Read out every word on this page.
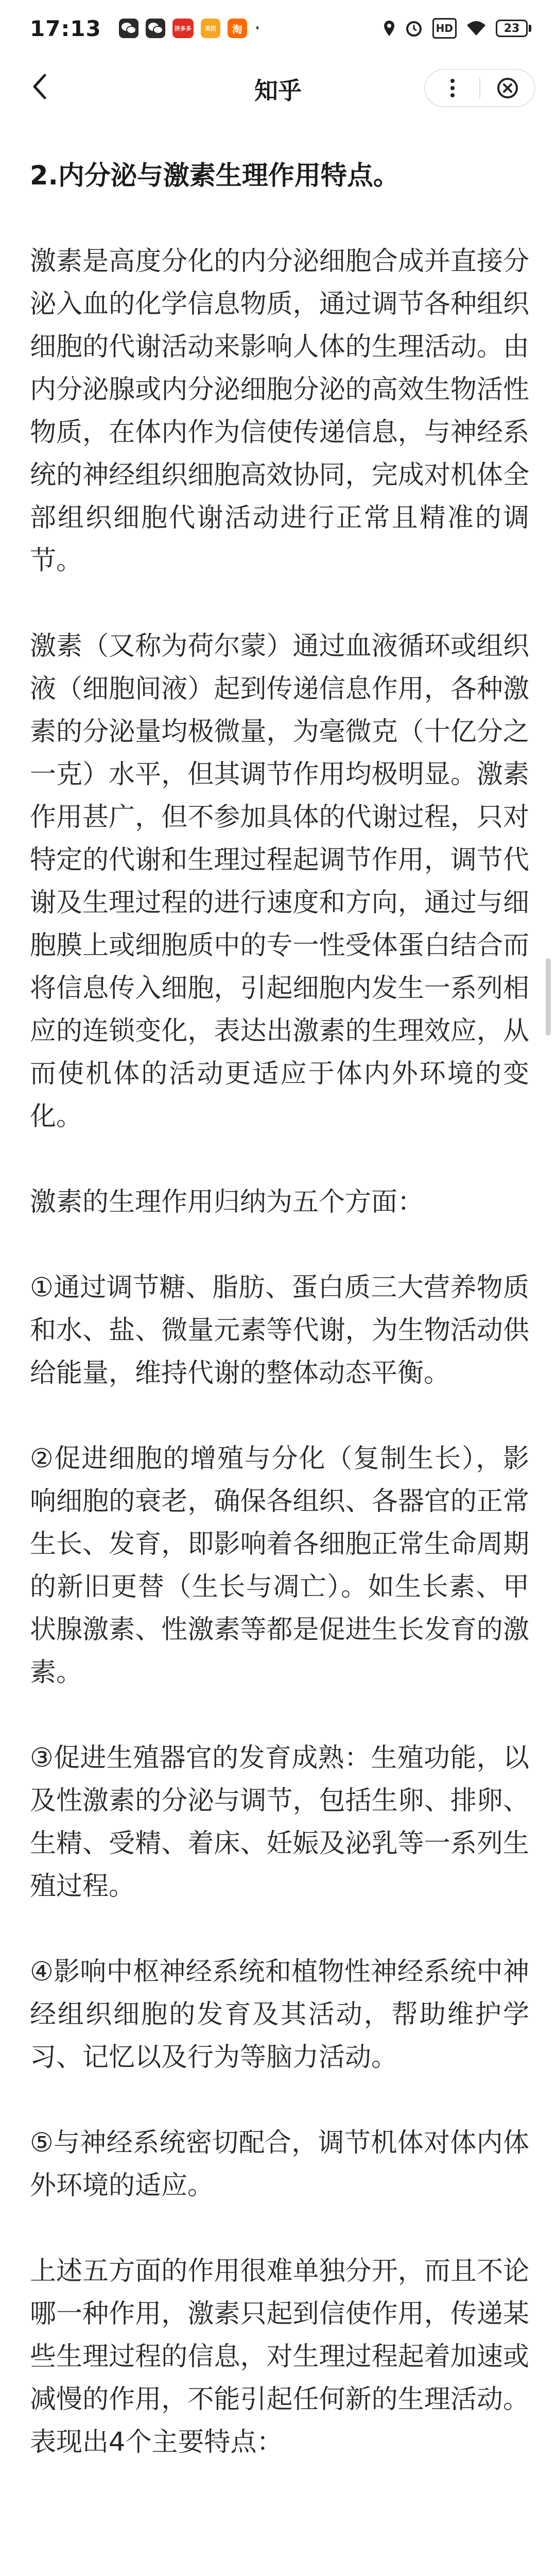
17:13	拼多多	美团	淘 ·	HD	23
知乎
2.内分泌与激素生理作用特点。

激素是高度分化的内分泌细胞合成并直接分泌入血的化学信息物质，通过调节各种组织细胞的代谢活动来影响人体的生理活动。由内分泌腺或内分泌细胞分泌的高效生物活性物质，在体内作为信使传递信息，与神经系统的神经组织细胞高效协同，完成对机体全部组织细胞代谢活动进行正常且精准的调节。

激素（又称为荷尔蒙）通过血液循环或组织液（细胞间液）起到传递信息作用，各种激素的分泌量均极微量，为毫微克（十亿分之一克）水平，但其调节作用均极明显。激素作用甚广，但不参加具体的代谢过程，只对特定的代谢和生理过程起调节作用，调节代谢及生理过程的进行速度和方向，通过与细胞膜上或细胞质中的专一性受体蛋白结合而将信息传入细胞，引起细胞内发生一系列相应的连锁变化，表达出激素的生理效应，从而使机体的活动更适应于体内外环境的变化。

激素的生理作用归纳为五个方面：

①通过调节糖、脂肪、蛋白质三大营养物质和水、盐、微量元素等代谢，为生物活动供给能量，维持代谢的整体动态平衡。

②促进细胞的增殖与分化（复制生长），影响细胞的衰老，确保各组织、各器官的正常生长、发育，即影响着各细胞正常生命周期的新旧更替（生长与凋亡）。如生长素、甲状腺激素、性激素等都是促进生长发育的激素。

③促进生殖器官的发育成熟：生殖功能，以及性激素的分泌与调节，包括生卵、排卵、生精、受精、着床、妊娠及泌乳等一系列生殖过程。

④影响中枢神经系统和植物性神经系统中神经组织细胞的发育及其活动，帮助维护学习、记忆以及行为等脑力活动。

⑤与神经系统密切配合，调节机体对体内体外环境的适应。

上述五方面的作用很难单独分开，而且不论哪一种作用，激素只起到信使作用，传递某些生理过程的信息，对生理过程起着加速或减慢的作用，不能引起任何新的生理活动。表现出4个主要特点：
